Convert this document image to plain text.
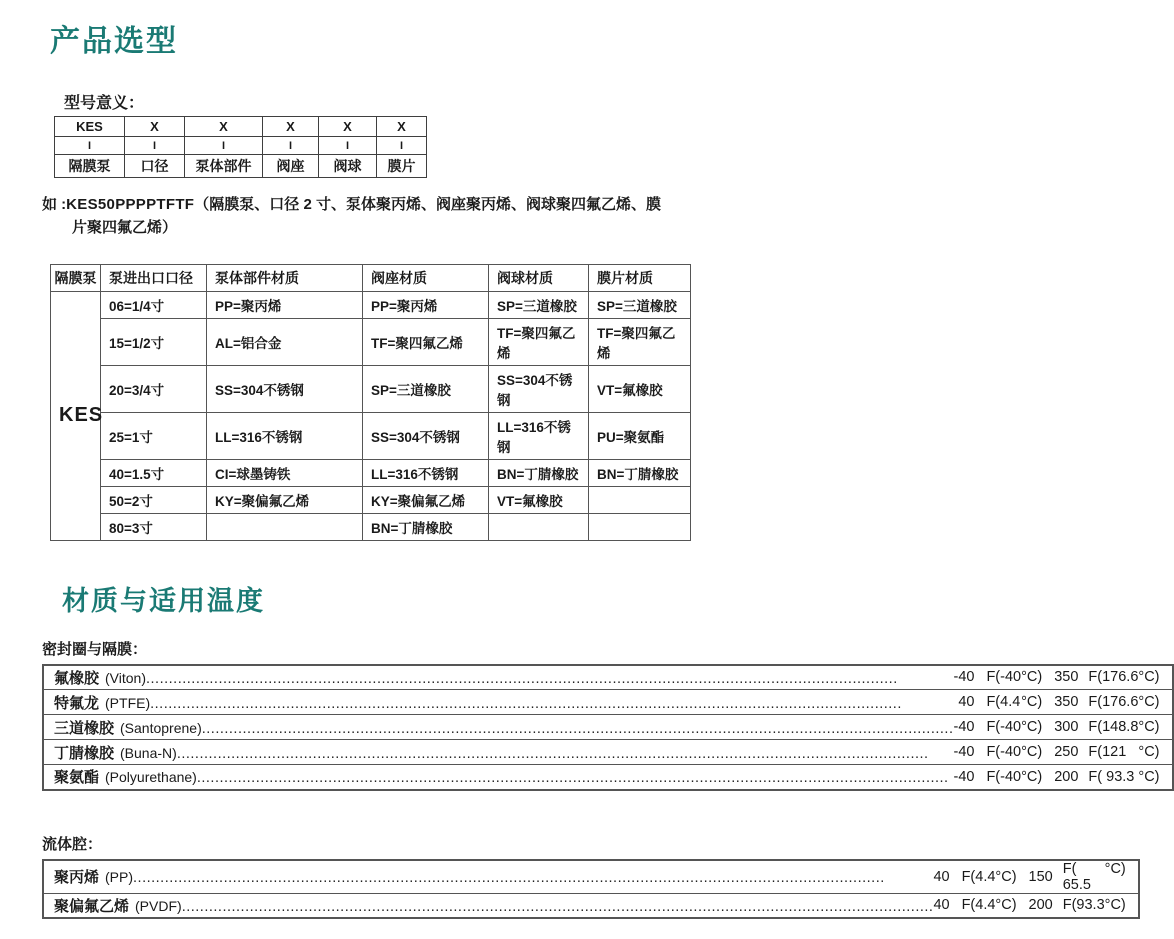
产品选型
型号意义：
KES	X	X	X	X	X
I	I	I	I	I	I
隔膜泵	口径	泵体部件	阀座	阀球	膜片
如 :KES50PPPPTFTF（隔膜泵、口径 2 寸、泵体聚丙烯、阀座聚丙烯、阀球聚四氟乙烯、膜
片聚四氟乙烯）
隔膜泵	泵进出口口径	泵体部件材质	阀座材质	阀球材质	膜片材质
KES	06=1/4寸	PP=聚丙烯	PP=聚丙烯	SP=三道橡胶	SP=三道橡胶
	15=1/2寸	AL=铝合金	TF=聚四氟乙烯	TF=聚四氟乙烯	TF=聚四氟乙烯
	20=3/4寸	SS=304不锈钢	SP=三道橡胶	SS=304不锈钢	VT=氟橡胶
	25=1寸	LL=316不锈钢	SS=304不锈钢	LL=316不锈钢	PU=聚氨酯
	40=1.5寸	CI=球墨铸铁	LL=316不锈钢	BN=丁腈橡胶	BN=丁腈橡胶
	50=2寸	KY=聚偏氟乙烯	KY=聚偏氟乙烯	VT=氟橡胶	
	80=3寸		BN=丁腈橡胶		
材质与适用温度
密封圈与隔膜：
氟橡胶 (Viton)
.....	-40	F(-40 °C)	350	F(176.6 °C)

特氟龙 (PTFE)
.....	40	F(4.4 °C)	350	F(176.6 °C)

三道橡胶 (Santoprene)
.....	-40	F(-40 °C)	300	F(148.8 °C)

丁腈橡胶 (Buna-N)
.....	-40	F(-40 °C)	250	F(121 °C)

聚氨酯 (Polyurethane)
.....	-40	F(-40 °C)	200	F( 93.3 °C)
流体腔：
聚丙烯 (PP)
.....	40	F(4.4 °C)	150	F( 65.5
°C)

聚偏氟乙烯 (PVDF)
.....	40	F(4.4 °C)	200	F(93.3 °C)
